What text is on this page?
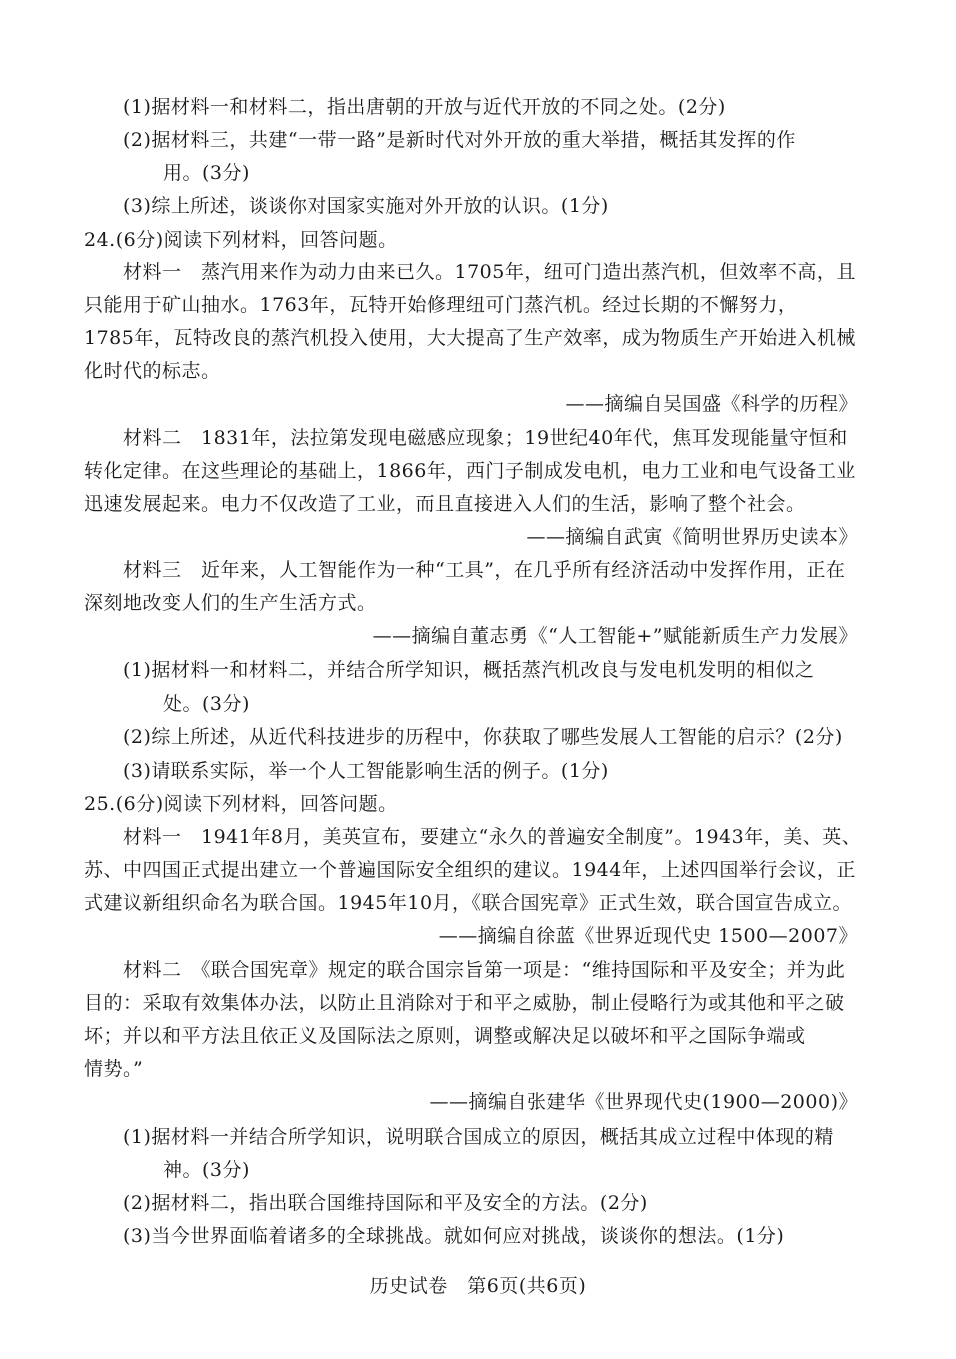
(1)据材料一和材料二，指出唐朝的开放与近代开放的不同之处。(2分)
(2)据材料三，共建“一带一路”是新时代对外开放的重大举措，概括其发挥的作
用。(3分)
(3)综上所述，谈谈你对国家实施对外开放的认识。(1分)
24.(6分)阅读下列材料，回答问题。
材料一　蒸汽用来作为动力由来已久。1705年，纽可门造出蒸汽机，但效率不高，且
只能用于矿山抽水。1763年，瓦特开始修理纽可门蒸汽机。经过长期的不懈努力，
1785年，瓦特改良的蒸汽机投入使用，大大提高了生产效率，成为物质生产开始进入机械
化时代的标志。
——摘编自吴国盛《科学的历程》
材料二　1831年，法拉第发现电磁感应现象；19世纪40年代，焦耳发现能量守恒和
转化定律。在这些理论的基础上，1866年，西门子制成发电机，电力工业和电气设备工业
迅速发展起来。电力不仅改造了工业，而且直接进入人们的生活，影响了整个社会。
——摘编自武寅《简明世界历史读本》
材料三　近年来，人工智能作为一种“工具”，在几乎所有经济活动中发挥作用，正在
深刻地改变人们的生产生活方式。
——摘编自董志勇《“人工智能+”赋能新质生产力发展》
(1)据材料一和材料二，并结合所学知识，概括蒸汽机改良与发电机发明的相似之
处。(3分)
(2)综上所述，从近代科技进步的历程中，你获取了哪些发展人工智能的启示？(2分)
(3)请联系实际，举一个人工智能影响生活的例子。(1分)
25.(6分)阅读下列材料，回答问题。
材料一　1941年8月，美英宣布，要建立“永久的普遍安全制度”。1943年，美、英、
苏、中四国正式提出建立一个普遍国际安全组织的建议。1944年，上述四国举行会议，正
式建议新组织命名为联合国。1945年10月，《联合国宪章》正式生效，联合国宣告成立。
——摘编自徐蓝《世界近现代史 1500—2007》
材料二　《联合国宪章》规定的联合国宗旨第一项是：“维持国际和平及安全；并为此
目的：采取有效集体办法，以防止且消除对于和平之威胁，制止侵略行为或其他和平之破
坏；并以和平方法且依正义及国际法之原则，调整或解决足以破坏和平之国际争端或
情势。”
——摘编自张建华《世界现代史(1900—2000)》
(1)据材料一并结合所学知识，说明联合国成立的原因，概括其成立过程中体现的精
神。(3分)
(2)据材料二，指出联合国维持国际和平及安全的方法。(2分)
(3)当今世界面临着诸多的全球挑战。就如何应对挑战，谈谈你的想法。(1分)
历史试卷　第6页(共6页)
